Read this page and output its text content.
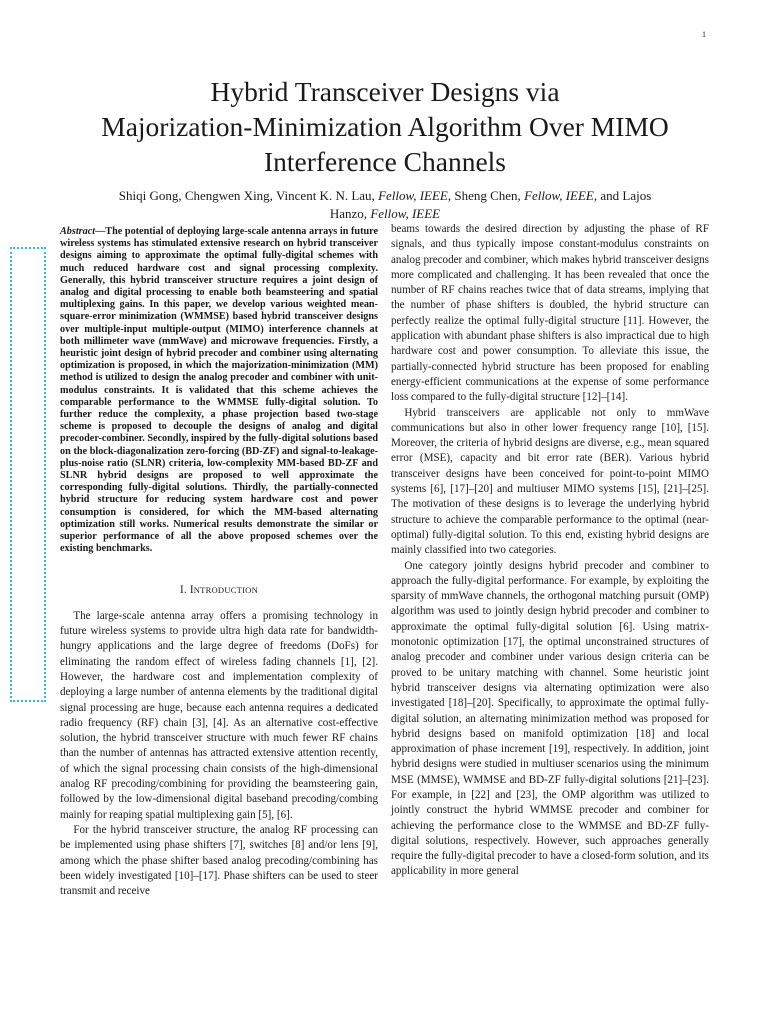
1
Hybrid Transceiver Designs via
Majorization-Minimization Algorithm Over MIMO
Interference Channels
Shiqi Gong, Chengwen Xing, Vincent K. N. Lau, Fellow, IEEE, Sheng Chen, Fellow, IEEE, and Lajos
Hanzo, Fellow, IEEE

Abstract—The potential of deploying large-scale antenna arrays in future wireless systems has stimulated extensive research on hybrid transceiver designs aiming to approximate the optimal fully-digital schemes with much reduced hardware cost and signal processing complexity. Generally, this hybrid transceiver structure requires a joint design of analog and digital processing to enable both beamsteering and spatial multiplexing gains. In this paper, we develop various weighted mean-square-error minimization (WMMSE) based hybrid transceiver designs over multiple-input multiple-output (MIMO) interference channels at both millimeter wave (mmWave) and microwave frequencies. Firstly, a heuristic joint design of hybrid precoder and combiner using alternating optimization is proposed, in which the majorization-minimization (MM) method is utilized to design the analog precoder and combiner with unit-modulus constraints. It is validated that this scheme achieves the comparable performance to the WMMSE fully-digital solution. To further reduce the complexity, a phase projection based two-stage scheme is proposed to decouple the designs of analog and digital precoder-combiner. Secondly, inspired by the fully-digital solutions based on the block-diagonalization zero-forcing (BD-ZF) and signal-to-leakage-plus-noise ratio (SLNR) criteria, low-complexity MM-based BD-ZF and SLNR hybrid designs are proposed to well approximate the corresponding fully-digital solutions. Thirdly, the partially-connected hybrid structure for reducing system hardware cost and power consumption is considered, for which the MM-based alternating optimization still works. Numerical results demonstrate the similar or superior performance of all the above proposed schemes over the existing benchmarks.

I. INTRODUCTION

The large-scale antenna array offers a promising technology in future wireless systems to provide ultra high data rate for bandwidth-hungry applications and the large degree of freedoms (DoFs) for eliminating the random effect of wireless fading channels [1], [2]. However, the hardware cost and implementation complexity of deploying a large number of antenna elements by the traditional digital signal processing are huge, because each antenna requires a dedicated radio frequency (RF) chain [3], [4]. As an alternative cost-effective solution, the hybrid transceiver structure with much fewer RF chains than the number of antennas has attracted extensive attention recently, of which the signal processing chain consists of the high-dimensional analog RF precoding/combining for providing the beamsteering gain, followed by the low-dimensional digital baseband precoding/combing mainly for reaping spatial multiplexing gain [5], [6].

For the hybrid transceiver structure, the analog RF processing can be implemented using phase shifters [7], switches [8] and/or lens [9], among which the phase shifter based analog precoding/combining has been widely investigated [10]–[17]. Phase shifters can be used to steer transmit and receive

beams towards the desired direction by adjusting the phase of RF signals, and thus typically impose constant-modulus constraints on analog precoder and combiner, which makes hybrid transceiver designs more complicated and challenging. It has been revealed that once the number of RF chains reaches twice that of data streams, implying that the number of phase shifters is doubled, the hybrid structure can perfectly realize the optimal fully-digital structure [11]. However, the application with abundant phase shifters is also impractical due to high hardware cost and power consumption. To alleviate this issue, the partially-connected hybrid structure has been proposed for enabling energy-efficient communications at the expense of some performance loss compared to the fully-digital structure [12]–[14].

Hybrid transceivers are applicable not only to mmWave communications but also in other lower frequency range [10], [15]. Moreover, the criteria of hybrid designs are diverse, e.g., mean squared error (MSE), capacity and bit error rate (BER). Various hybrid transceiver designs have been conceived for point-to-point MIMO systems [6], [17]–[20] and multiuser MIMO systems [15], [21]–[25]. The motivation of these designs is to leverage the underlying hybrid structure to achieve the comparable performance to the optimal (near-optimal) fully-digital solution. To this end, existing hybrid designs are mainly classified into two categories.

One category jointly designs hybrid precoder and combiner to approach the fully-digital performance. For example, by exploiting the sparsity of mmWave channels, the orthogonal matching pursuit (OMP) algorithm was used to jointly design hybrid precoder and combiner to approximate the optimal fully-digital solution [6]. Using matrix-monotonic optimization [17], the optimal unconstrained structures of analog precoder and combiner under various design criteria can be proved to be unitary matching with channel. Some heuristic joint hybrid transceiver designs via alternating optimization were also investigated [18]–[20]. Specifically, to approximate the optimal fully-digital solution, an alternating minimization method was proposed for hybrid designs based on manifold optimization [18] and local approximation of phase increment [19], respectively. In addition, joint hybrid designs were studied in multiuser scenarios using the minimum MSE (MMSE), WMMSE and BD-ZF fully-digital solutions [21]–[23]. For example, in [22] and [23], the OMP algorithm was utilized to jointly construct the hybrid WMMSE precoder and combiner for achieving the performance close to the WMMSE and BD-ZF fully-digital solutions, respectively. However, such approaches generally require the fully-digital precoder to have a closed-form solution, and its applicability in more general
